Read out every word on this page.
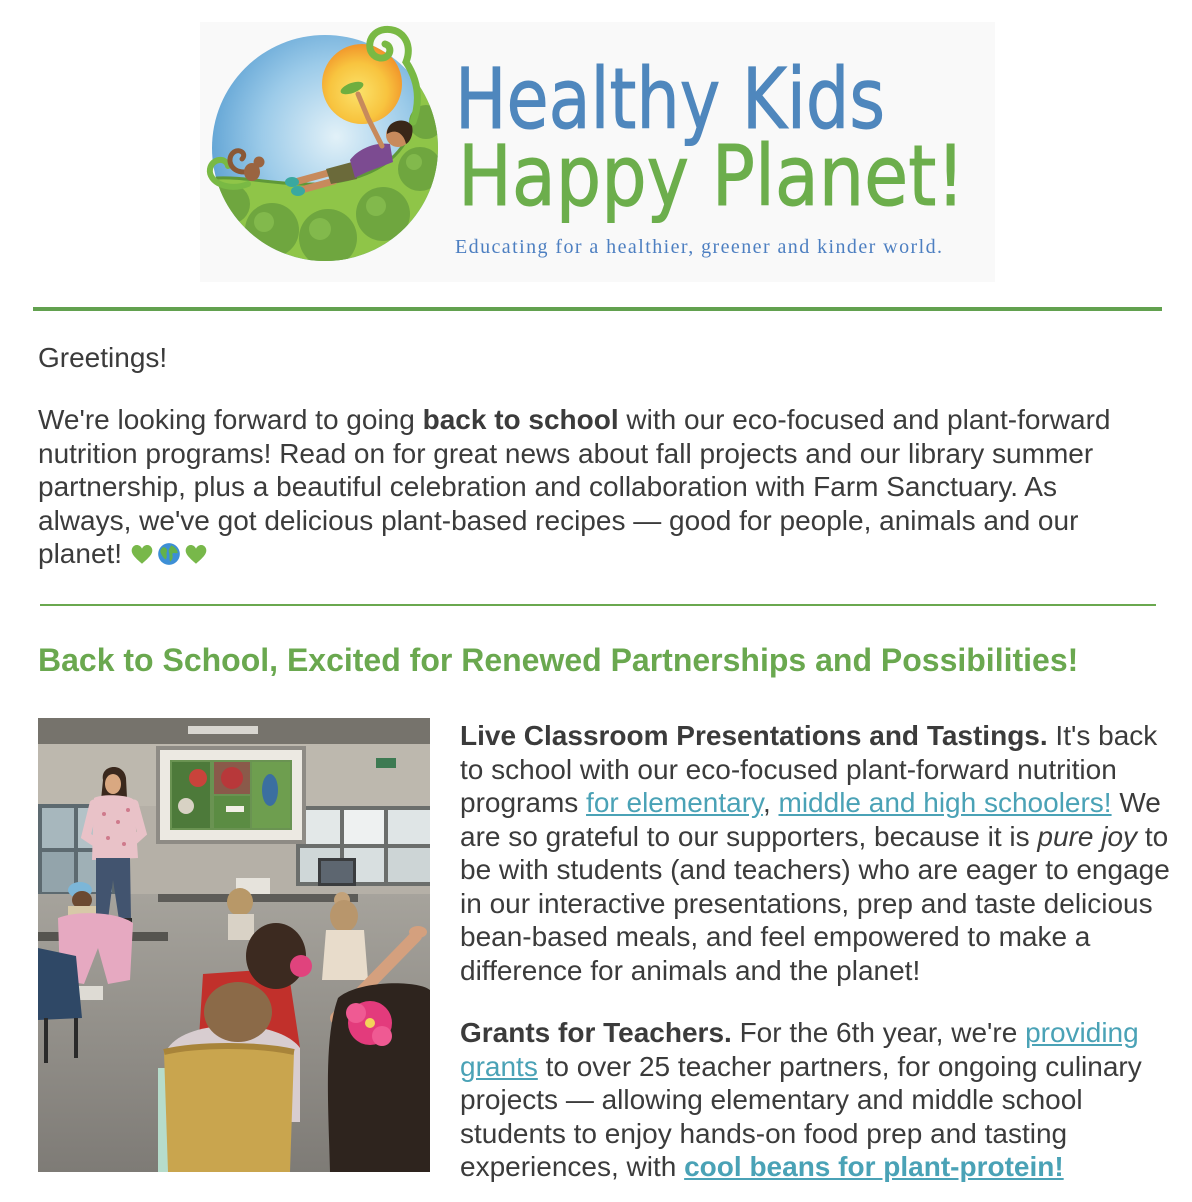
Healthy Kids
Happy Planet!
Educating for a healthier, greener and kinder world.

Greetings!

We're looking forward to going back to school with our eco-focused and plant-forward nutrition programs! Read on for great news about fall projects and our library summer partnership, plus a beautiful celebration and collaboration with Farm Sanctuary. As always, we've got delicious plant-based recipes — good for people, animals and our planet!

Back to School, Excited for Renewed Partnerships and Possibilities!

Live Classroom Presentations and Tastings. It's back to school with our eco-focused plant-forward nutrition programs for elementary, middle and high schoolers! We are so grateful to our supporters, because it is pure joy to be with students (and teachers) who are eager to engage in our interactive presentations, prep and taste delicious bean-based meals, and feel empowered to make a difference for animals and the planet!

Grants for Teachers. For the 6th year, we're providing grants to over 25 teacher partners, for ongoing culinary projects — allowing elementary and middle school students to enjoy hands-on food prep and tasting experiences, with cool beans for plant-protein!
